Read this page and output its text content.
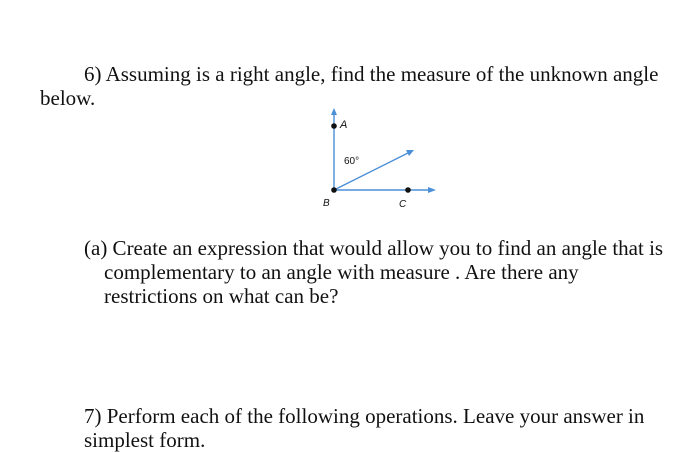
6) Assuming is a right angle, find the measure of the unknown angle
below.
A
B	C
60°
(a) Create an expression that would allow you to find an angle that is
complementary to an angle with measure . Are there any
restrictions on what can be?
7) Perform each of the following operations. Leave your answer in
simplest form.
